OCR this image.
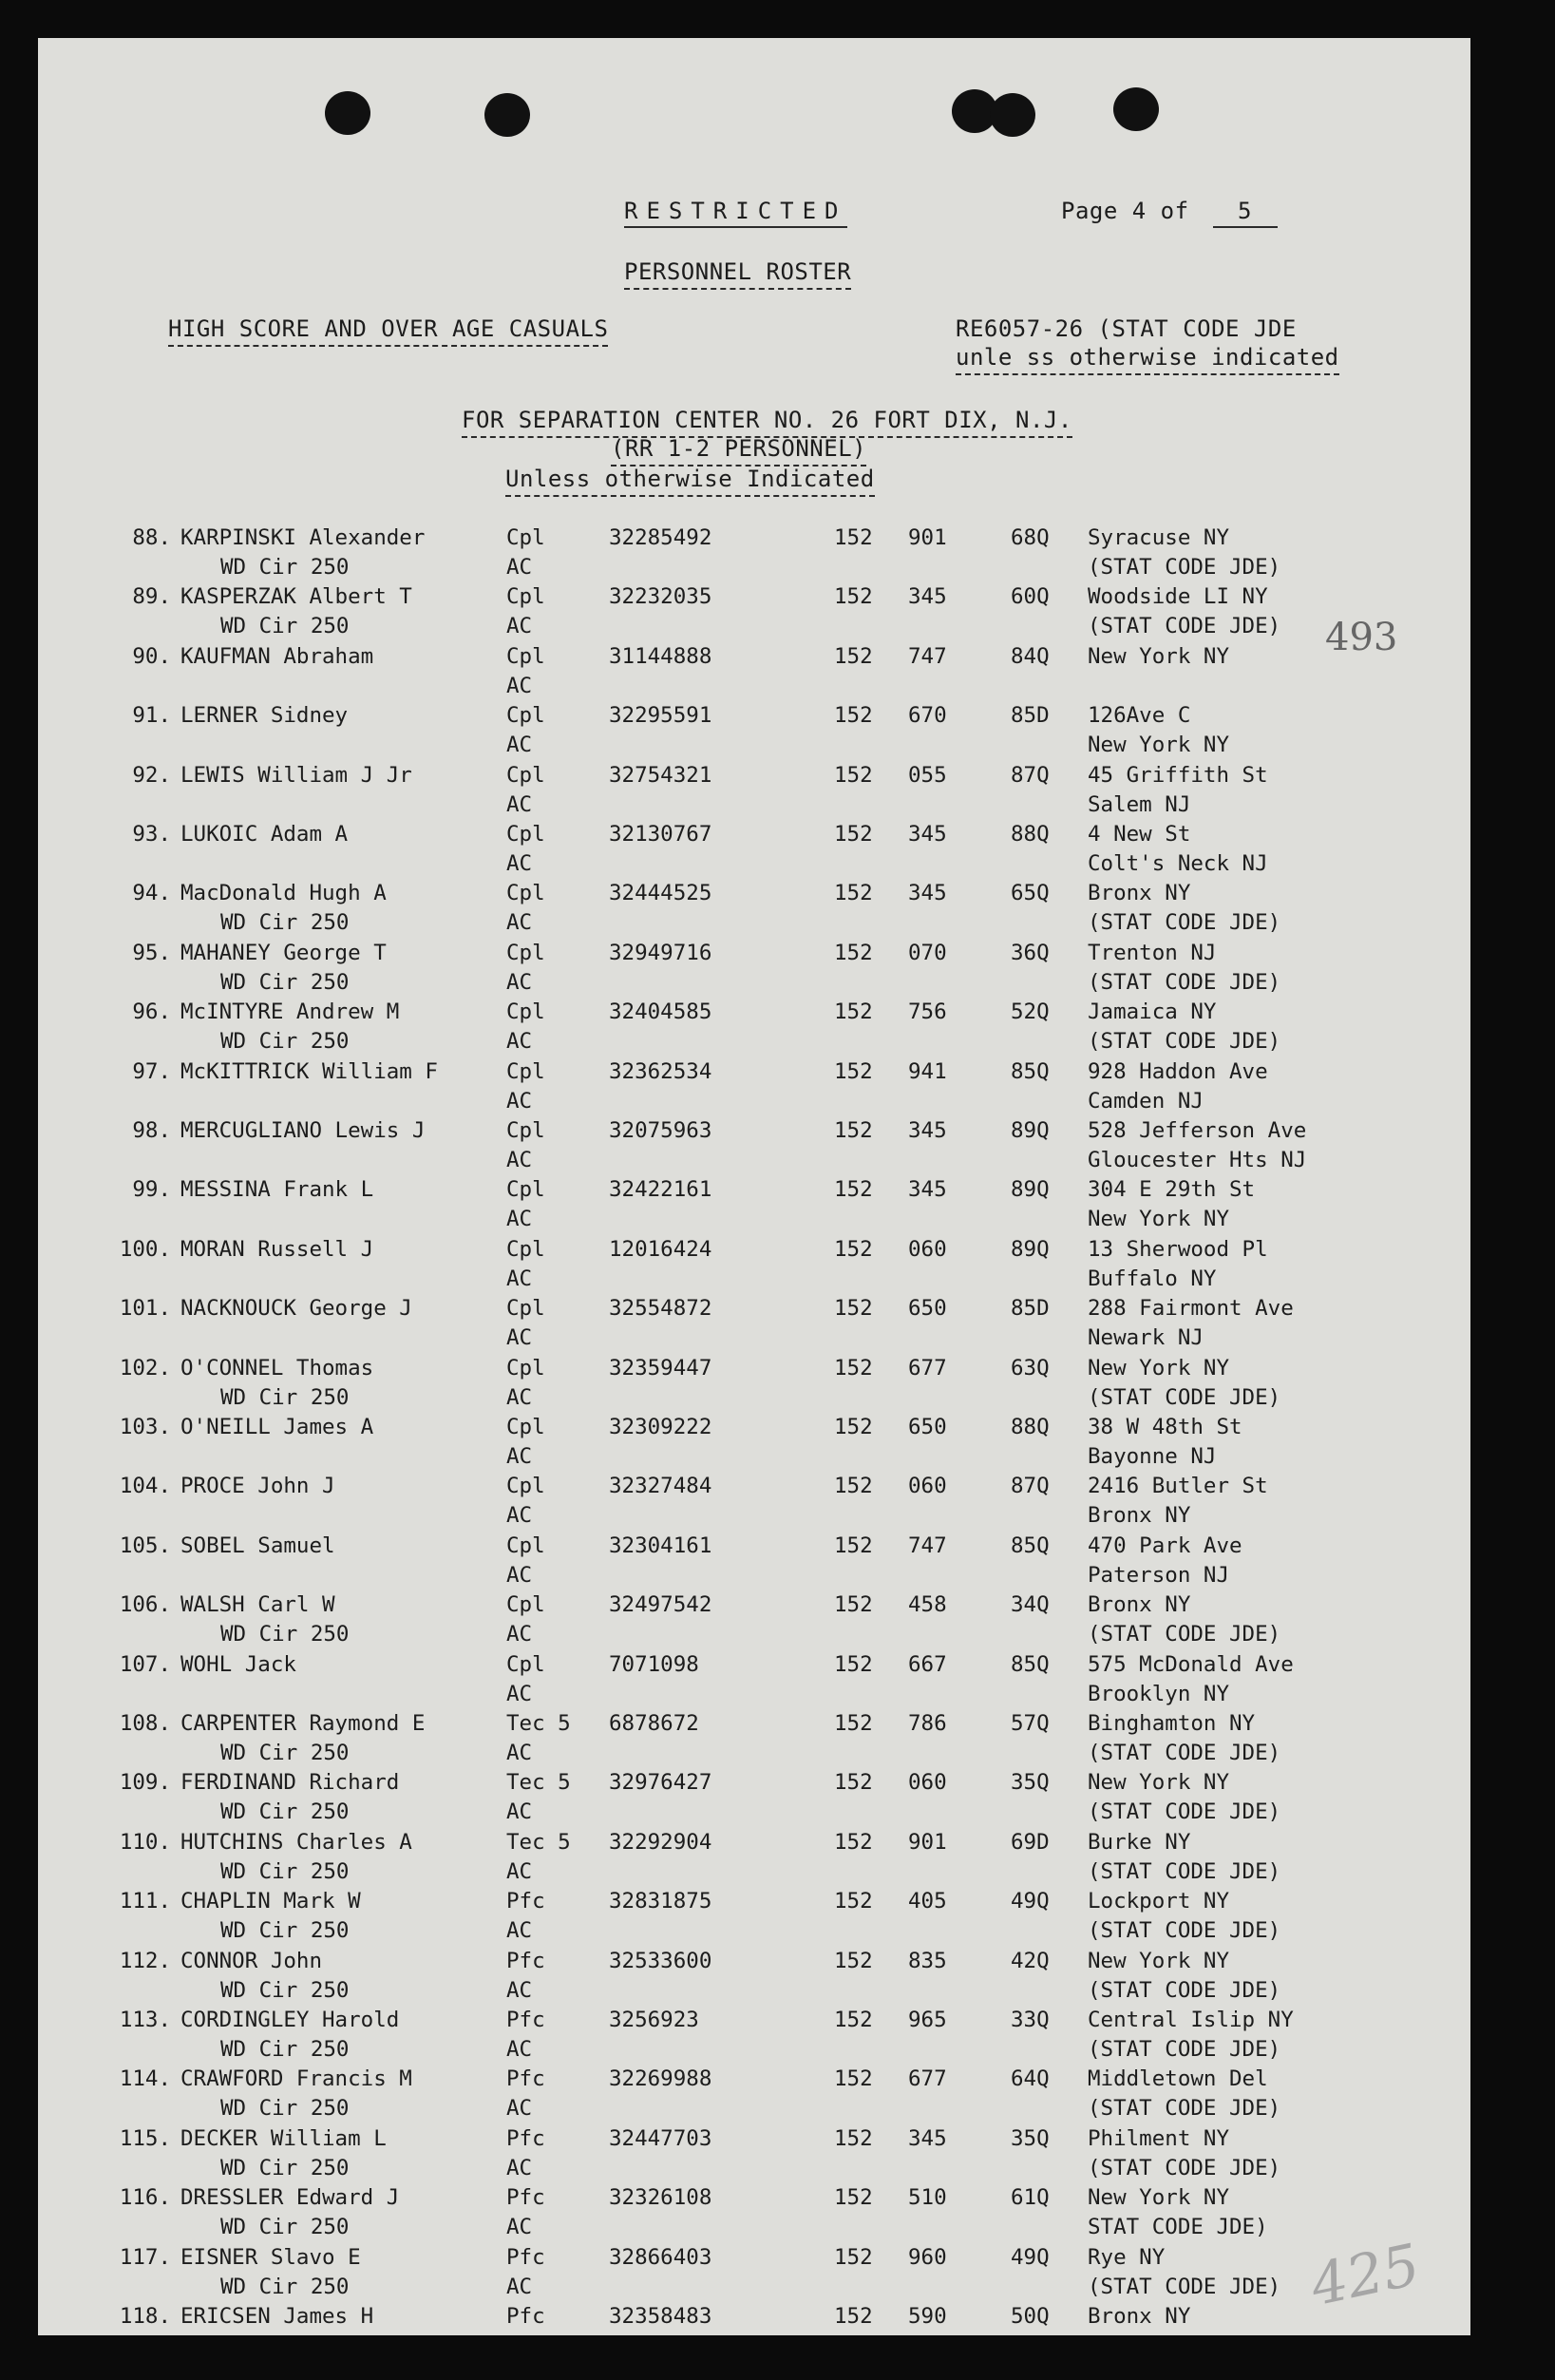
RESTRICTED	Page 4 of 5
PERSONNEL ROSTER
HIGH SCORE AND OVER AGE CASUALS	RE6057-26 (STAT CODE JDE
unle ss otherwise indicated
FOR SEPARATION CENTER NO. 26 FORT DIX, N.J.
(RR 1-2 PERSONNEL)
Unless otherwise Indicated
493
425
88. KARPINSKI Alexander	Cpl	32285492	152 901	68Q Syracuse NY
WD Cir 250	AC	(STAT CODE JDE)
89. KASPERZAK Albert T	Cpl	32232035	152 345	60Q Woodside LI NY
WD Cir 250	AC	(STAT CODE JDE)
90. KAUFMAN Abraham	Cpl	31144888	152 747	84Q New York NY
AC
91. LERNER Sidney	Cpl	32295591	152 670	85D 126Ave C
AC	New York NY
92. LEWIS William J Jr	Cpl	32754321	152 055	87Q 45 Griffith St
AC	Salem NJ
93. LUKOIC Adam A	Cpl	32130767	152 345	88Q 4 New St
AC	Colt's Neck NJ
94. MacDonald Hugh A	Cpl	32444525	152 345	65Q Bronx NY
WD Cir 250	AC	(STAT CODE JDE)
95. MAHANEY George T	Cpl	32949716	152 070	36Q Trenton NJ
WD Cir 250	AC	(STAT CODE JDE)
96. McINTYRE Andrew M	Cpl	32404585	152 756	52Q Jamaica NY
WD Cir 250	AC	(STAT CODE JDE)
97. McKITTRICK William F	Cpl	32362534	152 941	85Q 928 Haddon Ave
AC	Camden NJ
98. MERCUGLIANO Lewis J	Cpl	32075963	152 345	89Q 528 Jefferson Ave
AC	Gloucester Hts NJ
99. MESSINA Frank L	Cpl	32422161	152 345	89Q 304 E 29th St
AC	New York NY
100. MORAN Russell J	Cpl	12016424	152 060	89Q 13 Sherwood Pl
AC	Buffalo NY
101. NACKNOUCK George J	Cpl	32554872	152 650	85D 288 Fairmont Ave
AC	Newark NJ
102. O'CONNEL Thomas	Cpl	32359447	152 677	63Q New York NY
WD Cir 250	AC	(STAT CODE JDE)
103. O'NEILL James A	Cpl	32309222	152 650	88Q 38 W 48th St
AC	Bayonne NJ
104. PROCE John J	Cpl	32327484	152 060	87Q 2416 Butler St
AC	Bronx NY
105. SOBEL Samuel	Cpl	32304161	152 747	85Q 470 Park Ave
AC	Paterson NJ
106. WALSH Carl W	Cpl	32497542	152 458	34Q Bronx NY
WD Cir 250	AC	(STAT CODE JDE)
107. WOHL Jack	Cpl	7071098	152 667	85Q 575 McDonald Ave
AC	Brooklyn NY
108. CARPENTER Raymond E	Tec 5 6878672	152 786	57Q Binghamton NY
WD Cir 250	AC	(STAT CODE JDE)
109. FERDINAND Richard	Tec 5 32976427	152 060	35Q New York NY
WD Cir 250	AC	(STAT CODE JDE)
110. HUTCHINS Charles A	Tec 5 32292904	152 901	69D Burke NY
WD Cir 250	AC	(STAT CODE JDE)
111. CHAPLIN Mark W	Pfc	32831875	152 405	49Q Lockport NY
WD Cir 250	AC	(STAT CODE JDE)
112. CONNOR John	Pfc	32533600	152 835	42Q New York NY
WD Cir 250	AC	(STAT CODE JDE)
113. CORDINGLEY Harold	Pfc	3256923	152 965	33Q Central Islip NY
WD Cir 250	AC	(STAT CODE JDE)
114. CRAWFORD Francis M	Pfc	32269988	152 677	64Q Middletown Del
WD Cir 250	AC	(STAT CODE JDE)
115. DECKER William L	Pfc	32447703	152 345	35Q Philment NY
WD Cir 250	AC	(STAT CODE JDE)
116. DRESSLER Edward J	Pfc	32326108	152 510	61Q New York NY
WD Cir 250	AC	STAT CODE JDE)
117. EISNER Slavo E	Pfc	32866403	152 960	49Q Rye NY
WD Cir 250	AC	(STAT CODE JDE)
118. ERICSEN James H	Pfc	32358483	152 590	50Q Bronx NY
